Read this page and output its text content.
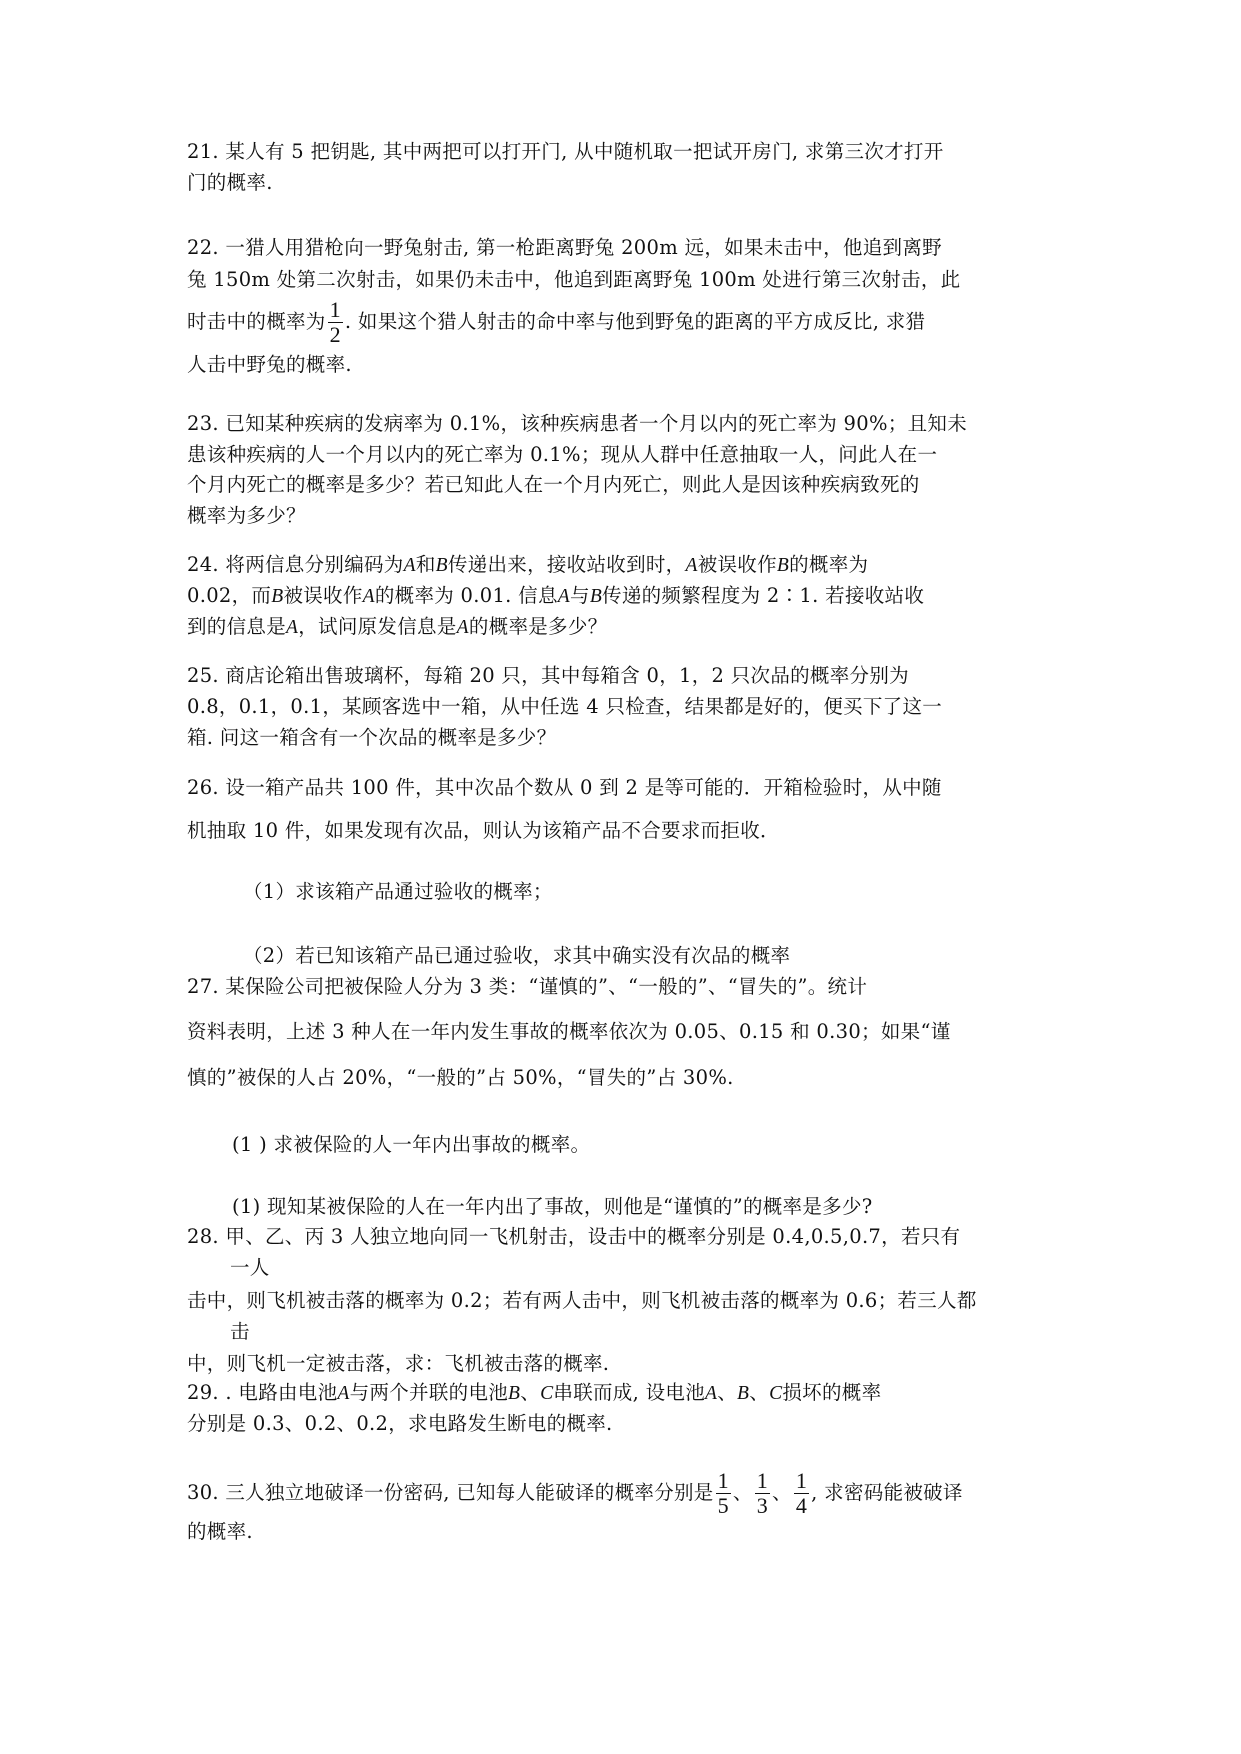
21. 某人有 5 把钥匙, 其中两把可以打开门, 从中随机取一把试开房门, 求第三次才打开
门的概率.
22. 一猎人用猎枪向一野兔射击, 第一枪距离野兔 200m 远，如果未击中，他追到离野
兔 150m 处第二次射击，如果仍未击中，他追到距离野兔 100m 处进行第三次射击，此
时击中的概率为 $\frac{1}{2}$ . 如果这个猎人射击的命中率与他到野兔的距离的平方成反比, 求猎
人击中野兔的概率.
23. 已知某种疾病的发病率为 0.1%，该种疾病患者一个月以内的死亡率为 90%；且知未
患该种疾病的人一个月以内的死亡率为 0.1%；现从人群中任意抽取一人，问此人在一
个月内死亡的概率是多少？若已知此人在一个月内死亡，则此人是因该种疾病致死的
概率为多少？
24. 将两信息分别编码为A和B传递出来，接收站收到时，A被误收作B的概率为
0.02，而B被误收作A的概率为 0.01. 信息A与B传递的频繁程度为 2∶1. 若接收站收
到的信息是A，试问原发信息是A的概率是多少？
25. 商店论箱出售玻璃杯，每箱 20 只，其中每箱含 0，1，2 只次品的概率分别为
0.8，0.1，0.1，某顾客选中一箱，从中任选 4 只检查，结果都是好的，便买下了这一
箱. 问这一箱含有一个次品的概率是多少？
26. 设一箱产品共 100 件，其中次品个数从 0 到 2 是等可能的．开箱检验时，从中随
机抽取 10 件，如果发现有次品，则认为该箱产品不合要求而拒收．
（1）求该箱产品通过验收的概率；
（2）若已知该箱产品已通过验收，求其中确实没有次品的概率
27. 某保险公司把被保险人分为 3 类：“谨慎的”、“一般的”、“冒失的”。统计
资料表明，上述 3 种人在一年内发生事故的概率依次为 0.05、0.15 和 0.30；如果“谨
慎的”被保的人占 20%，“一般的”占 50%，“冒失的”占 30%.
(1 ) 求被保险的人一年内出事故的概率。
(1) 现知某被保险的人在一年内出了事故，则他是“谨慎的”的概率是多少?
28. 甲、乙、丙 3 人独立地向同一飞机射击，设击中的概率分别是 0.4,0.5,0.7，若只有
一人
击中，则飞机被击落的概率为 0.2；若有两人击中，则飞机被击落的概率为 0.6；若三人都
击
中，则飞机一定被击落，求：飞机被击落的概率.
29. . 电路由电池A与两个并联的电池B、C串联而成, 设电池A、B、C损坏的概率
分别是 0.3、0.2、0.2，求电路发生断电的概率.
30. 三人独立地破译一份密码, 已知每人能破译的概率分别是 $\frac{1}{5}$ 、 $\frac{1}{3}$ 、 $\frac{1}{4}$ , 求密码能被破译
的概率.
